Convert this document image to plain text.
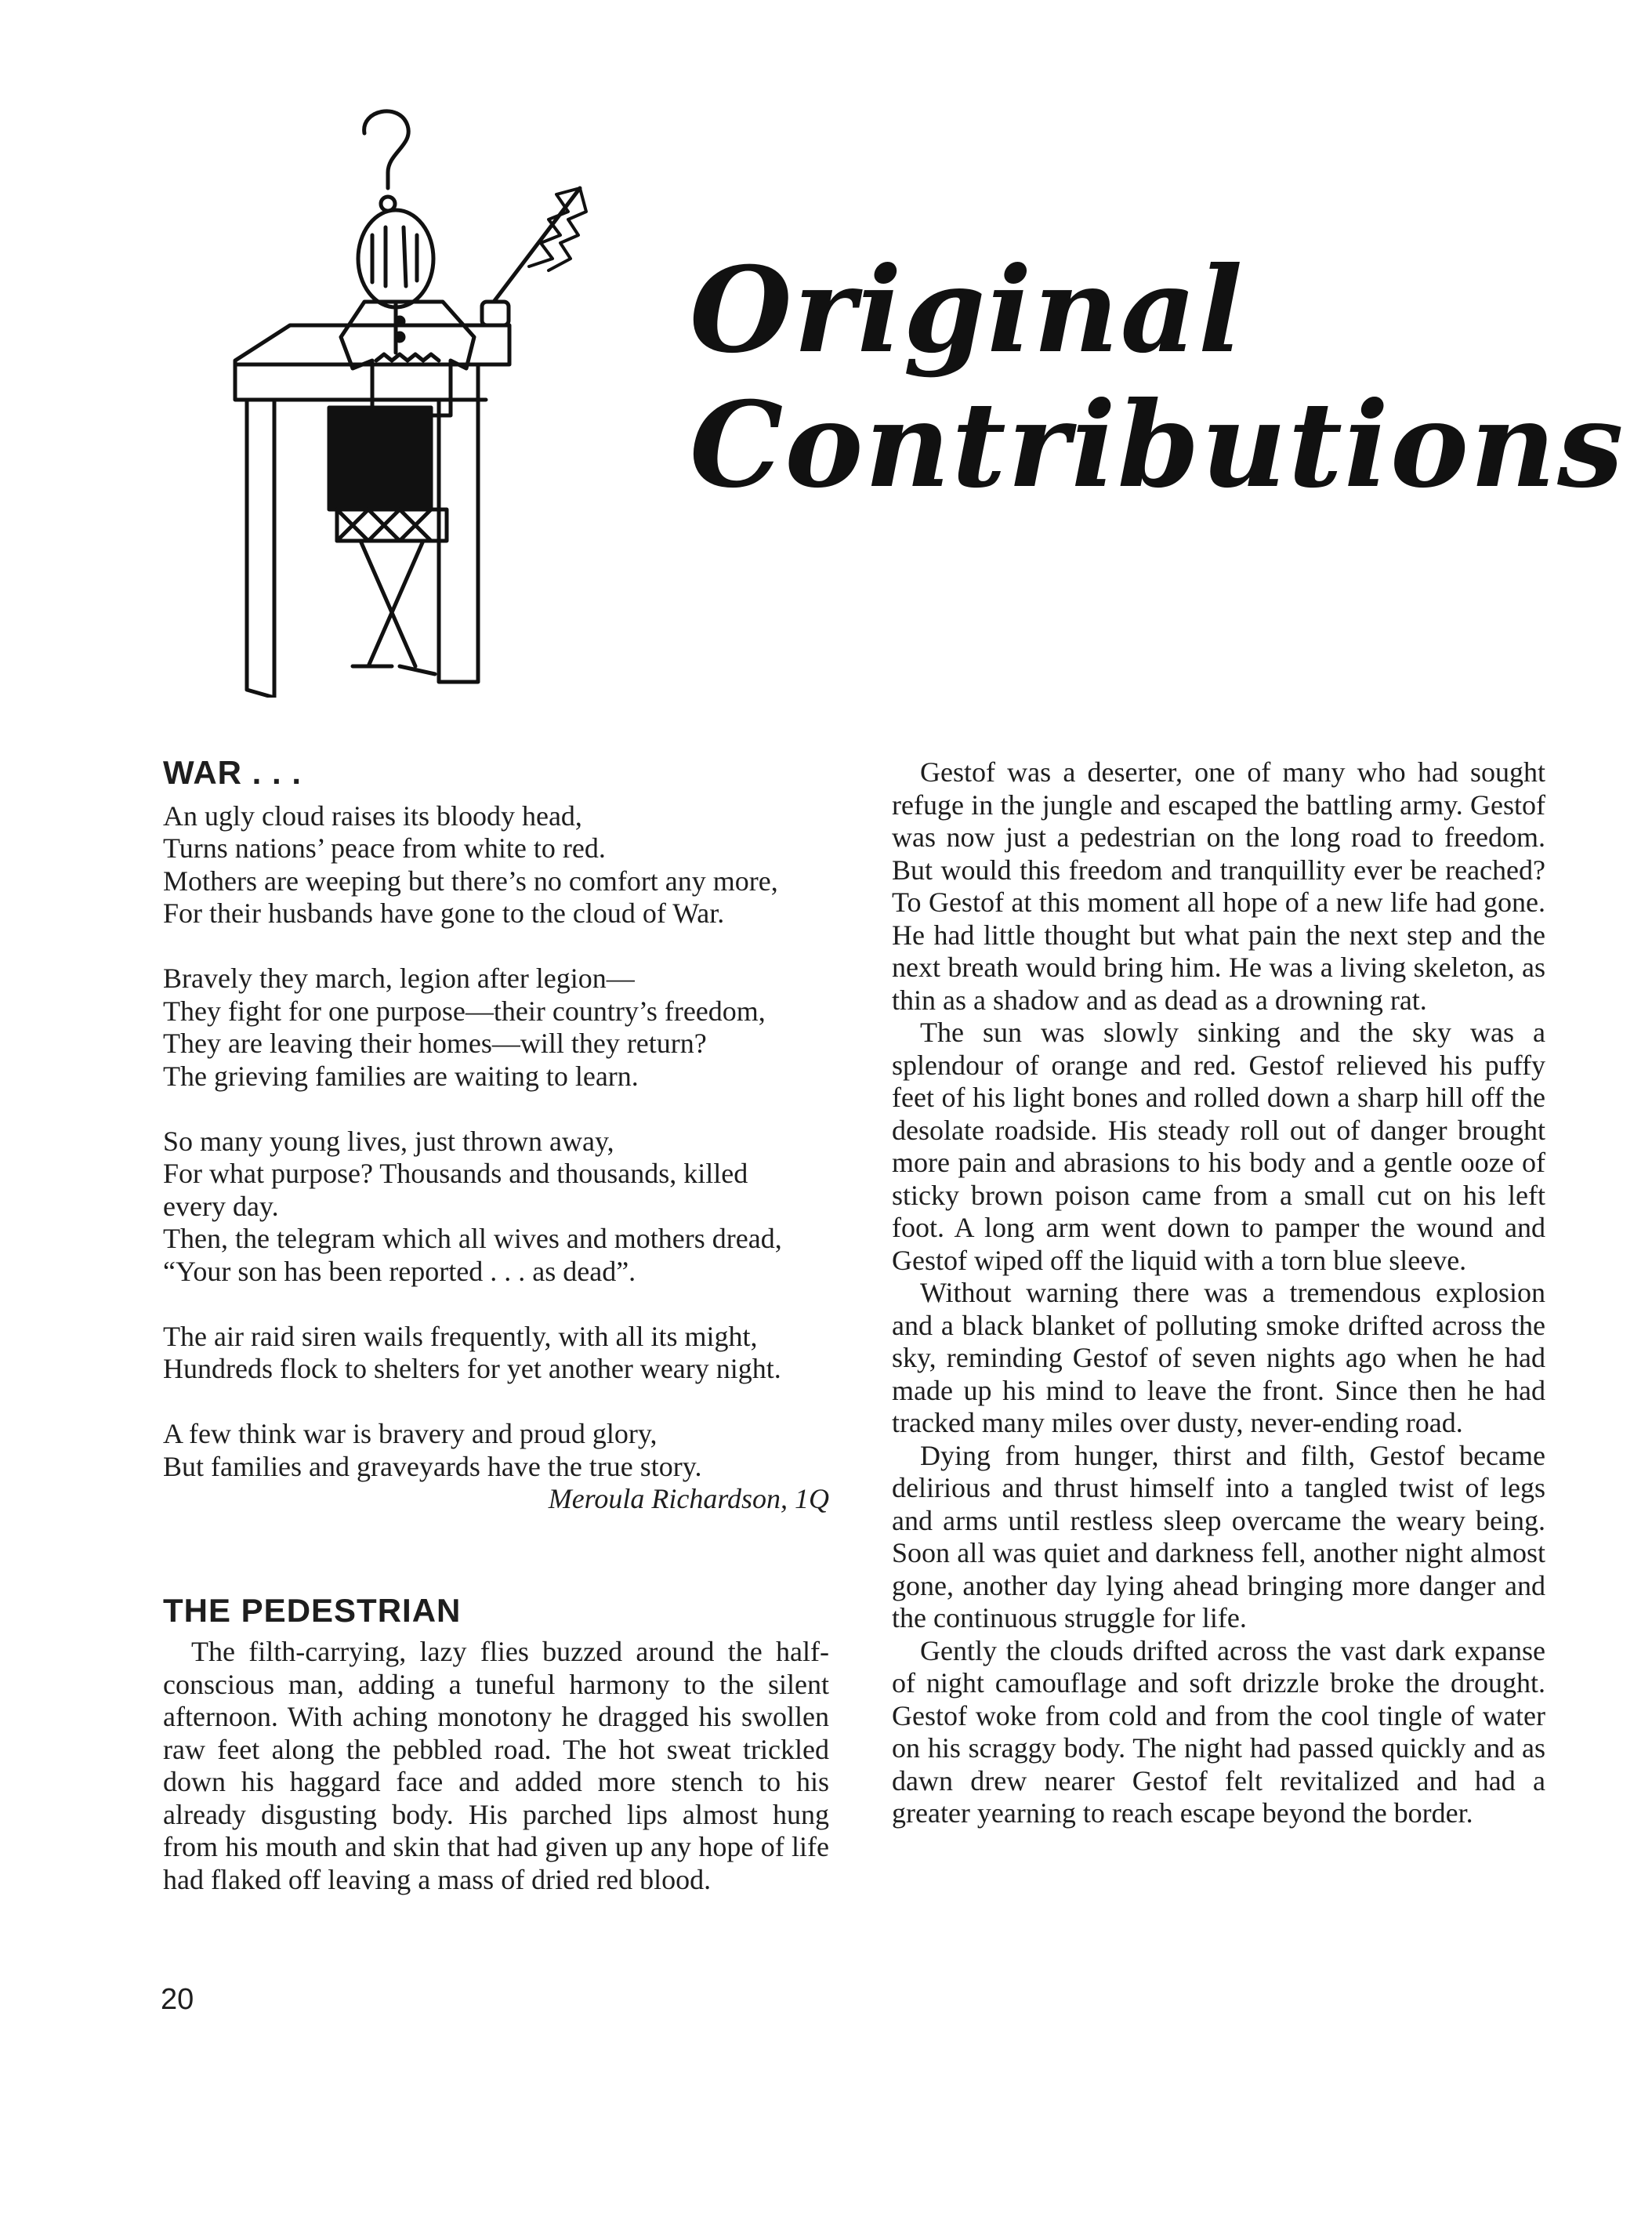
Original
Contributions
WAR . . .
An ugly cloud raises its bloody head,
Turns nations’ peace from white to red.
Mothers are weeping but there’s no comfort any more,
For their husbands have gone to the cloud of War.
Bravely they march, legion after legion—
They fight for one purpose—their country’s freedom,
They are leaving their homes—will they return?
The grieving families are waiting to learn.
So many young lives, just thrown away,
For what purpose? Thousands and thousands, killed
every day.
Then, the telegram which all wives and mothers dread,
“Your son has been reported . . . as dead”.
The air raid siren wails frequently, with all its might,
Hundreds flock to shelters for yet another weary night.
A few think war is bravery and proud glory,
But families and graveyards have the true story.
Meroula Richardson, 1Q
THE PEDESTRIAN

The filth-carrying, lazy flies buzzed around the half-conscious man, adding a tuneful harmony to the silent afternoon. With aching monotony he dragged his swollen raw feet along the pebbled road. The hot sweat trickled down his haggard face and added more stench to his already disgusting body. His parched lips almost hung from his mouth and skin that had given up any hope of life had flaked off leaving a mass of dried red blood.

Gestof was a deserter, one of many who had sought refuge in the jungle and escaped the battling army. Gestof was now just a pedestrian on the long road to freedom. But would this freedom and tranquillity ever be reached? To Gestof at this moment all hope of a new life had gone. He had little thought but what pain the next step and the next breath would bring him. He was a living skeleton, as thin as a shadow and as dead as a drowning rat.

The sun was slowly sinking and the sky was a splendour of orange and red. Gestof relieved his puffy feet of his light bones and rolled down a sharp hill off the desolate roadside. His steady roll out of danger brought more pain and abrasions to his body and a gentle ooze of sticky brown poison came from a small cut on his left foot. A long arm went down to pamper the wound and Gestof wiped off the liquid with a torn blue sleeve.

Without warning there was a tremendous explosion and a black blanket of polluting smoke drifted across the sky, reminding Gestof of seven nights ago when he had made up his mind to leave the front. Since then he had tracked many miles over dusty, never-ending road.

Dying from hunger, thirst and filth, Gestof became delirious and thrust himself into a tangled twist of legs and arms until restless sleep overcame the weary being. Soon all was quiet and darkness fell, another night almost gone, another day lying ahead bringing more danger and the continuous struggle for life.

Gently the clouds drifted across the vast dark expanse of night camouflage and soft drizzle broke the drought. Gestof woke from cold and from the cool tingle of water on his scraggy body. The night had passed quickly and as dawn drew nearer Gestof felt revitalized and had a greater yearning to reach escape beyond the border.

20
